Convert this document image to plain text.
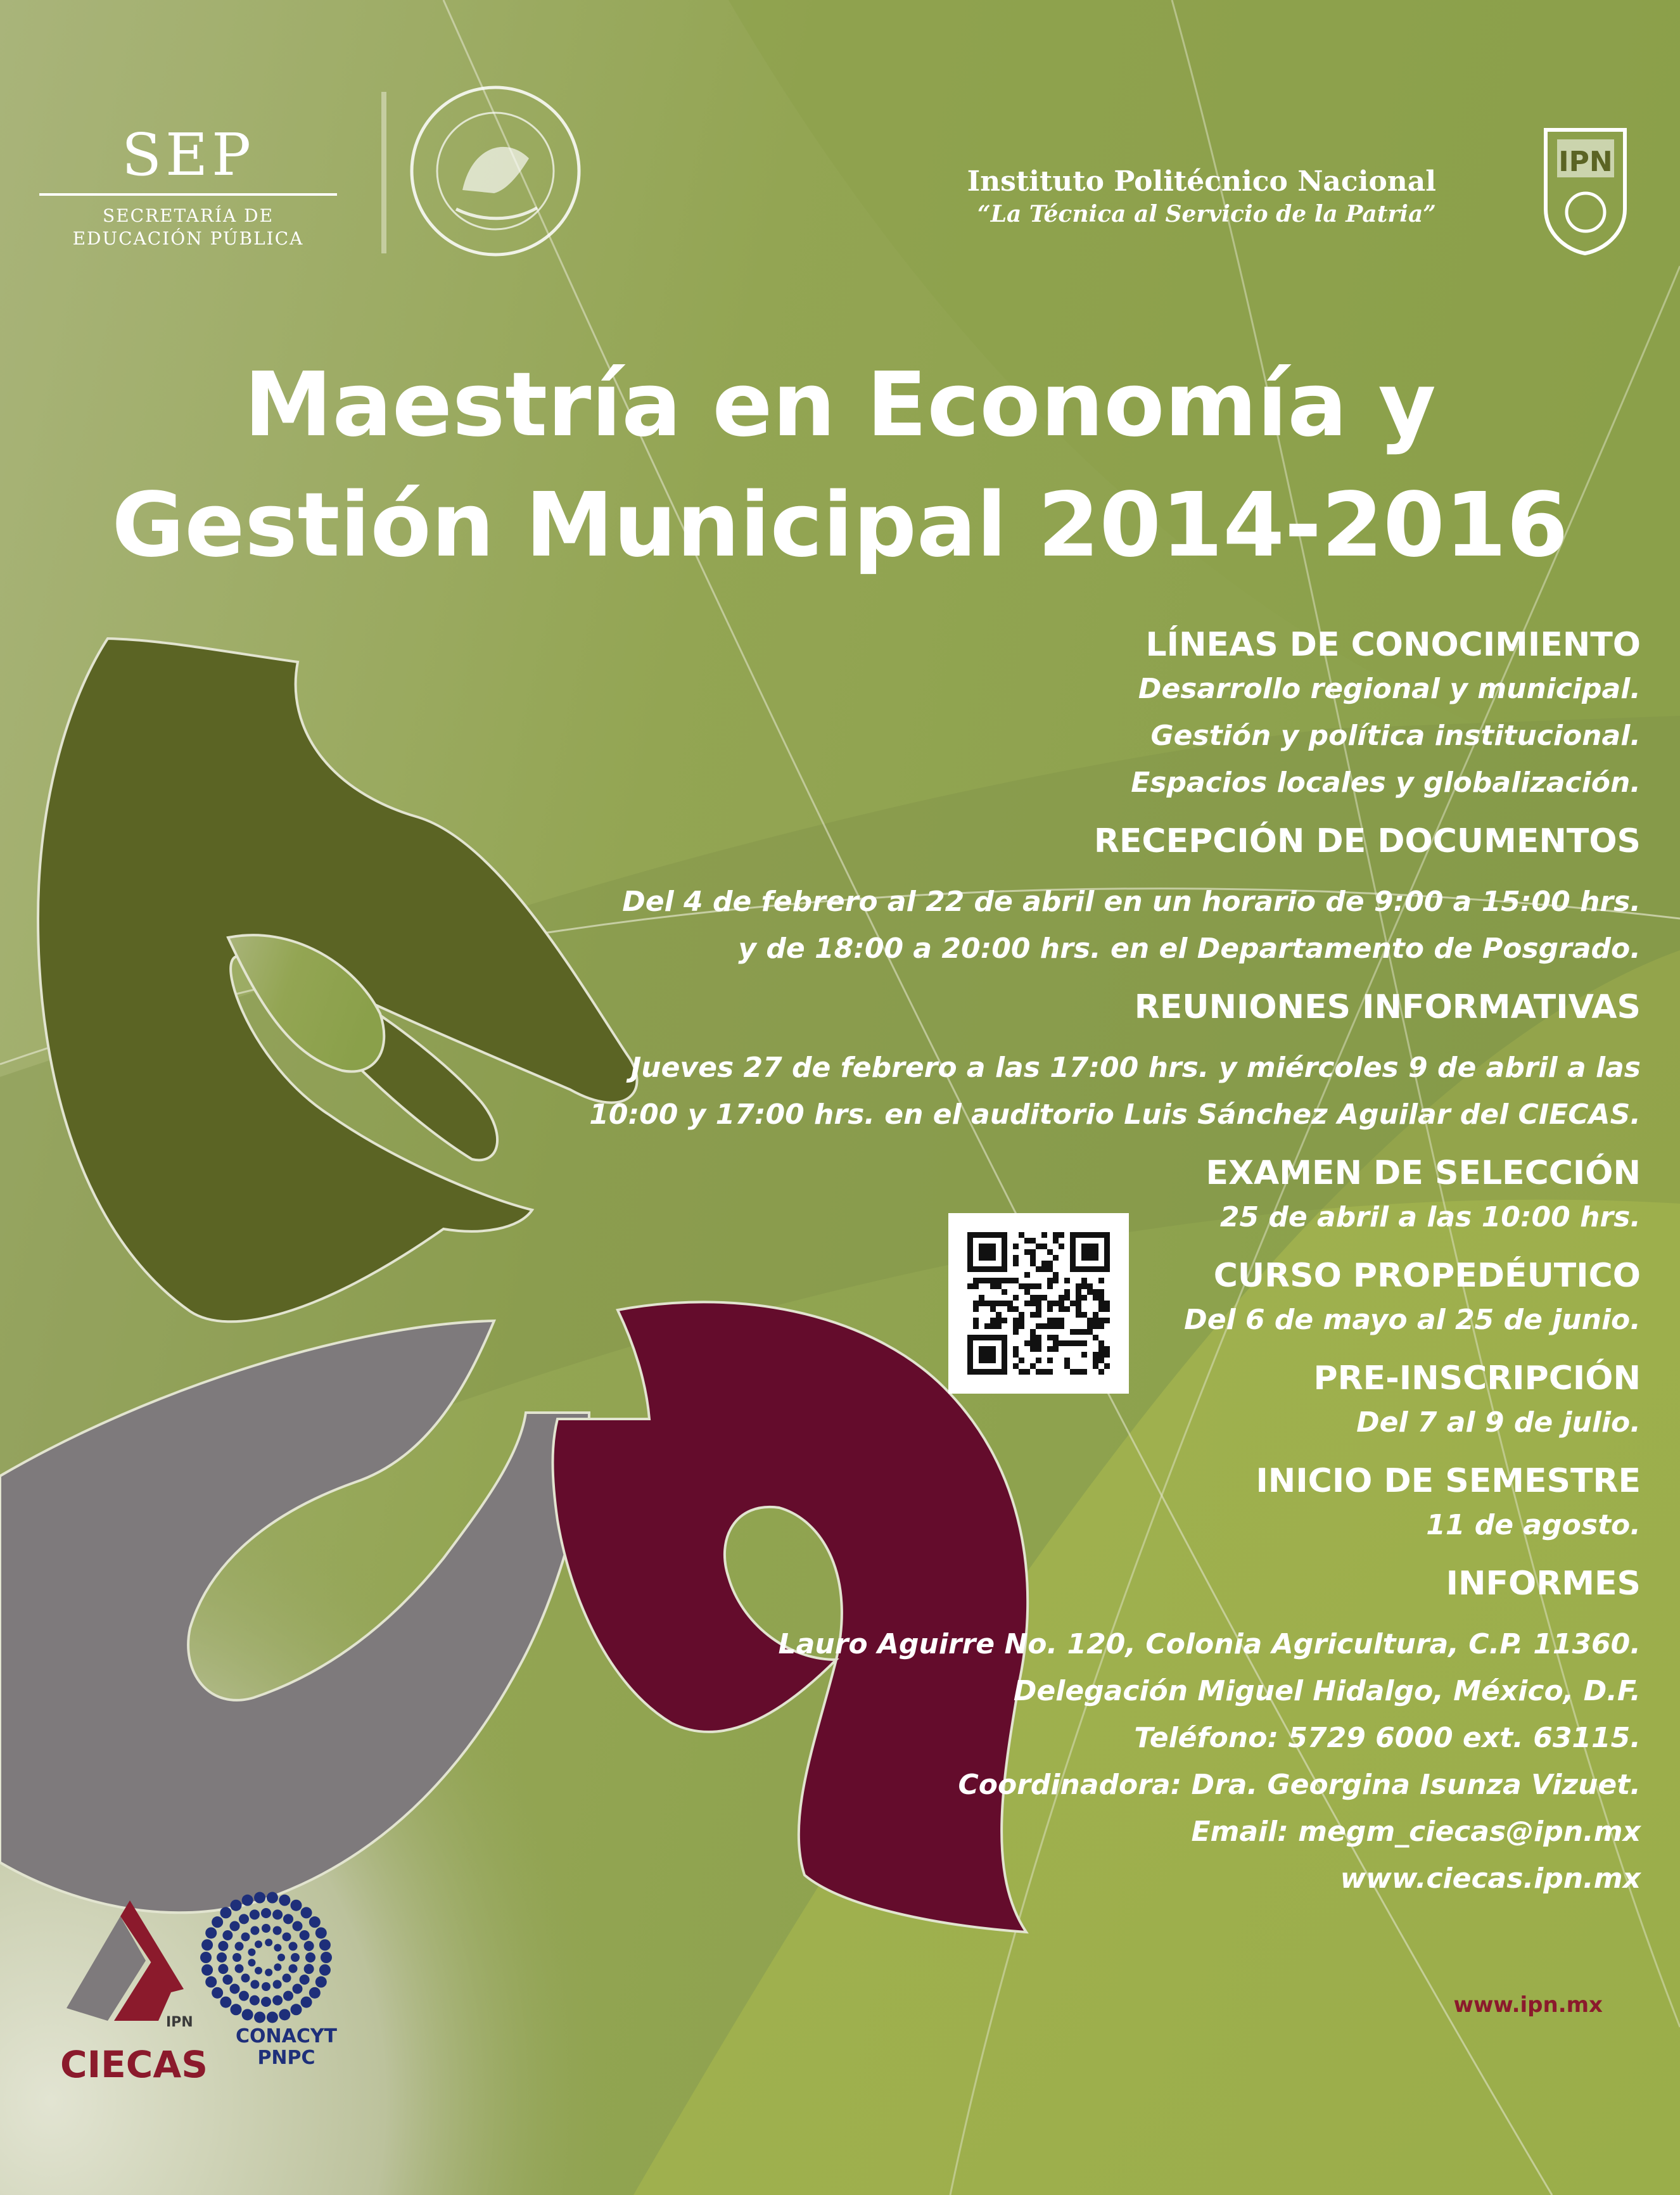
IPN
SEP
SECRETARÍA DE
EDUCACIÓN PÚBLICA
Instituto Politécnico Nacional
“La Técnica al Servicio de la Patria”
Maestría en Economía y
Gestión Municipal 2014-2016
LÍNEAS DE CONOCIMIENTO
Desarrollo regional y municipal.
Gestión y política institucional.
Espacios locales y globalización.
RECEPCIÓN DE DOCUMENTOS
Del 4 de febrero al 22 de abril en un horario de 9:00 a 15:00 hrs.
y de 18:00 a 20:00 hrs. en el Departamento de Posgrado.
REUNIONES INFORMATIVAS
Jueves 27 de febrero a las 17:00 hrs. y miércoles 9 de abril a las
10:00 y 17:00 hrs. en el auditorio Luis Sánchez Aguilar del CIECAS.
EXAMEN DE SELECCIÓN
25 de abril a las 10:00 hrs.
CURSO PROPEDÉUTICO
Del 6 de mayo al 25 de junio.
PRE-INSCRIPCIÓN
Del 7 al 9 de julio.
INICIO DE SEMESTRE
11 de agosto.
INFORMES
Lauro Aguirre No. 120, Colonia Agricultura, C.P. 11360.
Delegación Miguel Hidalgo, México, D.F.
Teléfono: 5729 6000 ext. 63115.
Coordinadora: Dra. Georgina Isunza Vizuet.
Email: megm_ciecas@ipn.mx
www.ciecas.ipn.mx
www.ipn.mx
IPN
CIECAS
CONACYT
PNPC
